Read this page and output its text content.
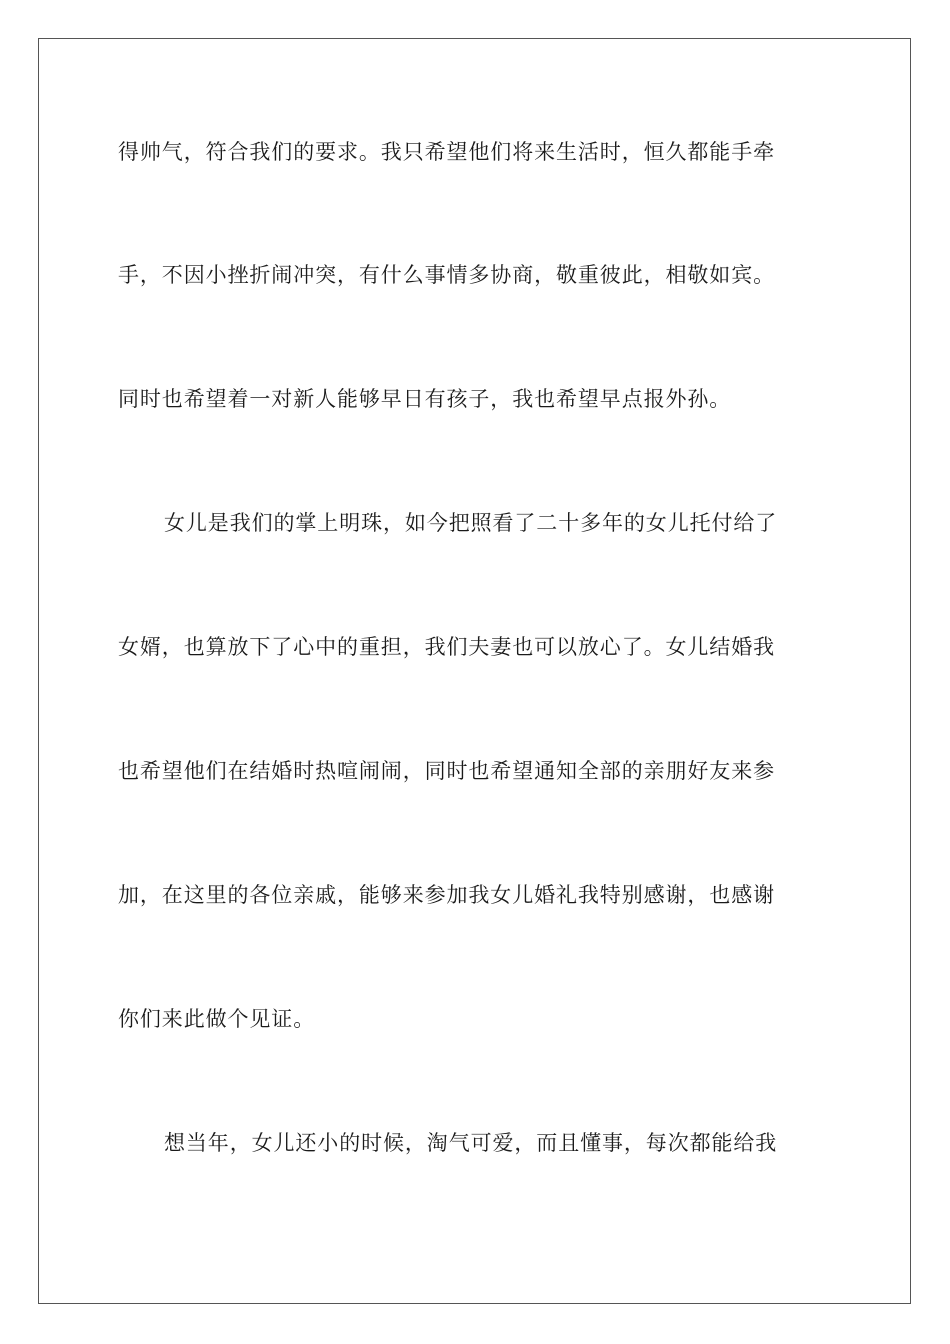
得帅气，符合我们的要求。我只希望他们将来生活时，恒久都能手牵
手，不因小挫折闹冲突，有什么事情多协商，敬重彼此，相敬如宾。
同时也希望着一对新人能够早日有孩子，我也希望早点报外孙。
女儿是我们的掌上明珠，如今把照看了二十多年的女儿托付给了
女婿，也算放下了心中的重担，我们夫妻也可以放心了。女儿结婚我
也希望他们在结婚时热喧闹闹，同时也希望通知全部的亲朋好友来参
加，在这里的各位亲戚，能够来参加我女儿婚礼我特别感谢，也感谢
你们来此做个见证。
想当年，女儿还小的时候，淘气可爱，而且懂事，每次都能给我
